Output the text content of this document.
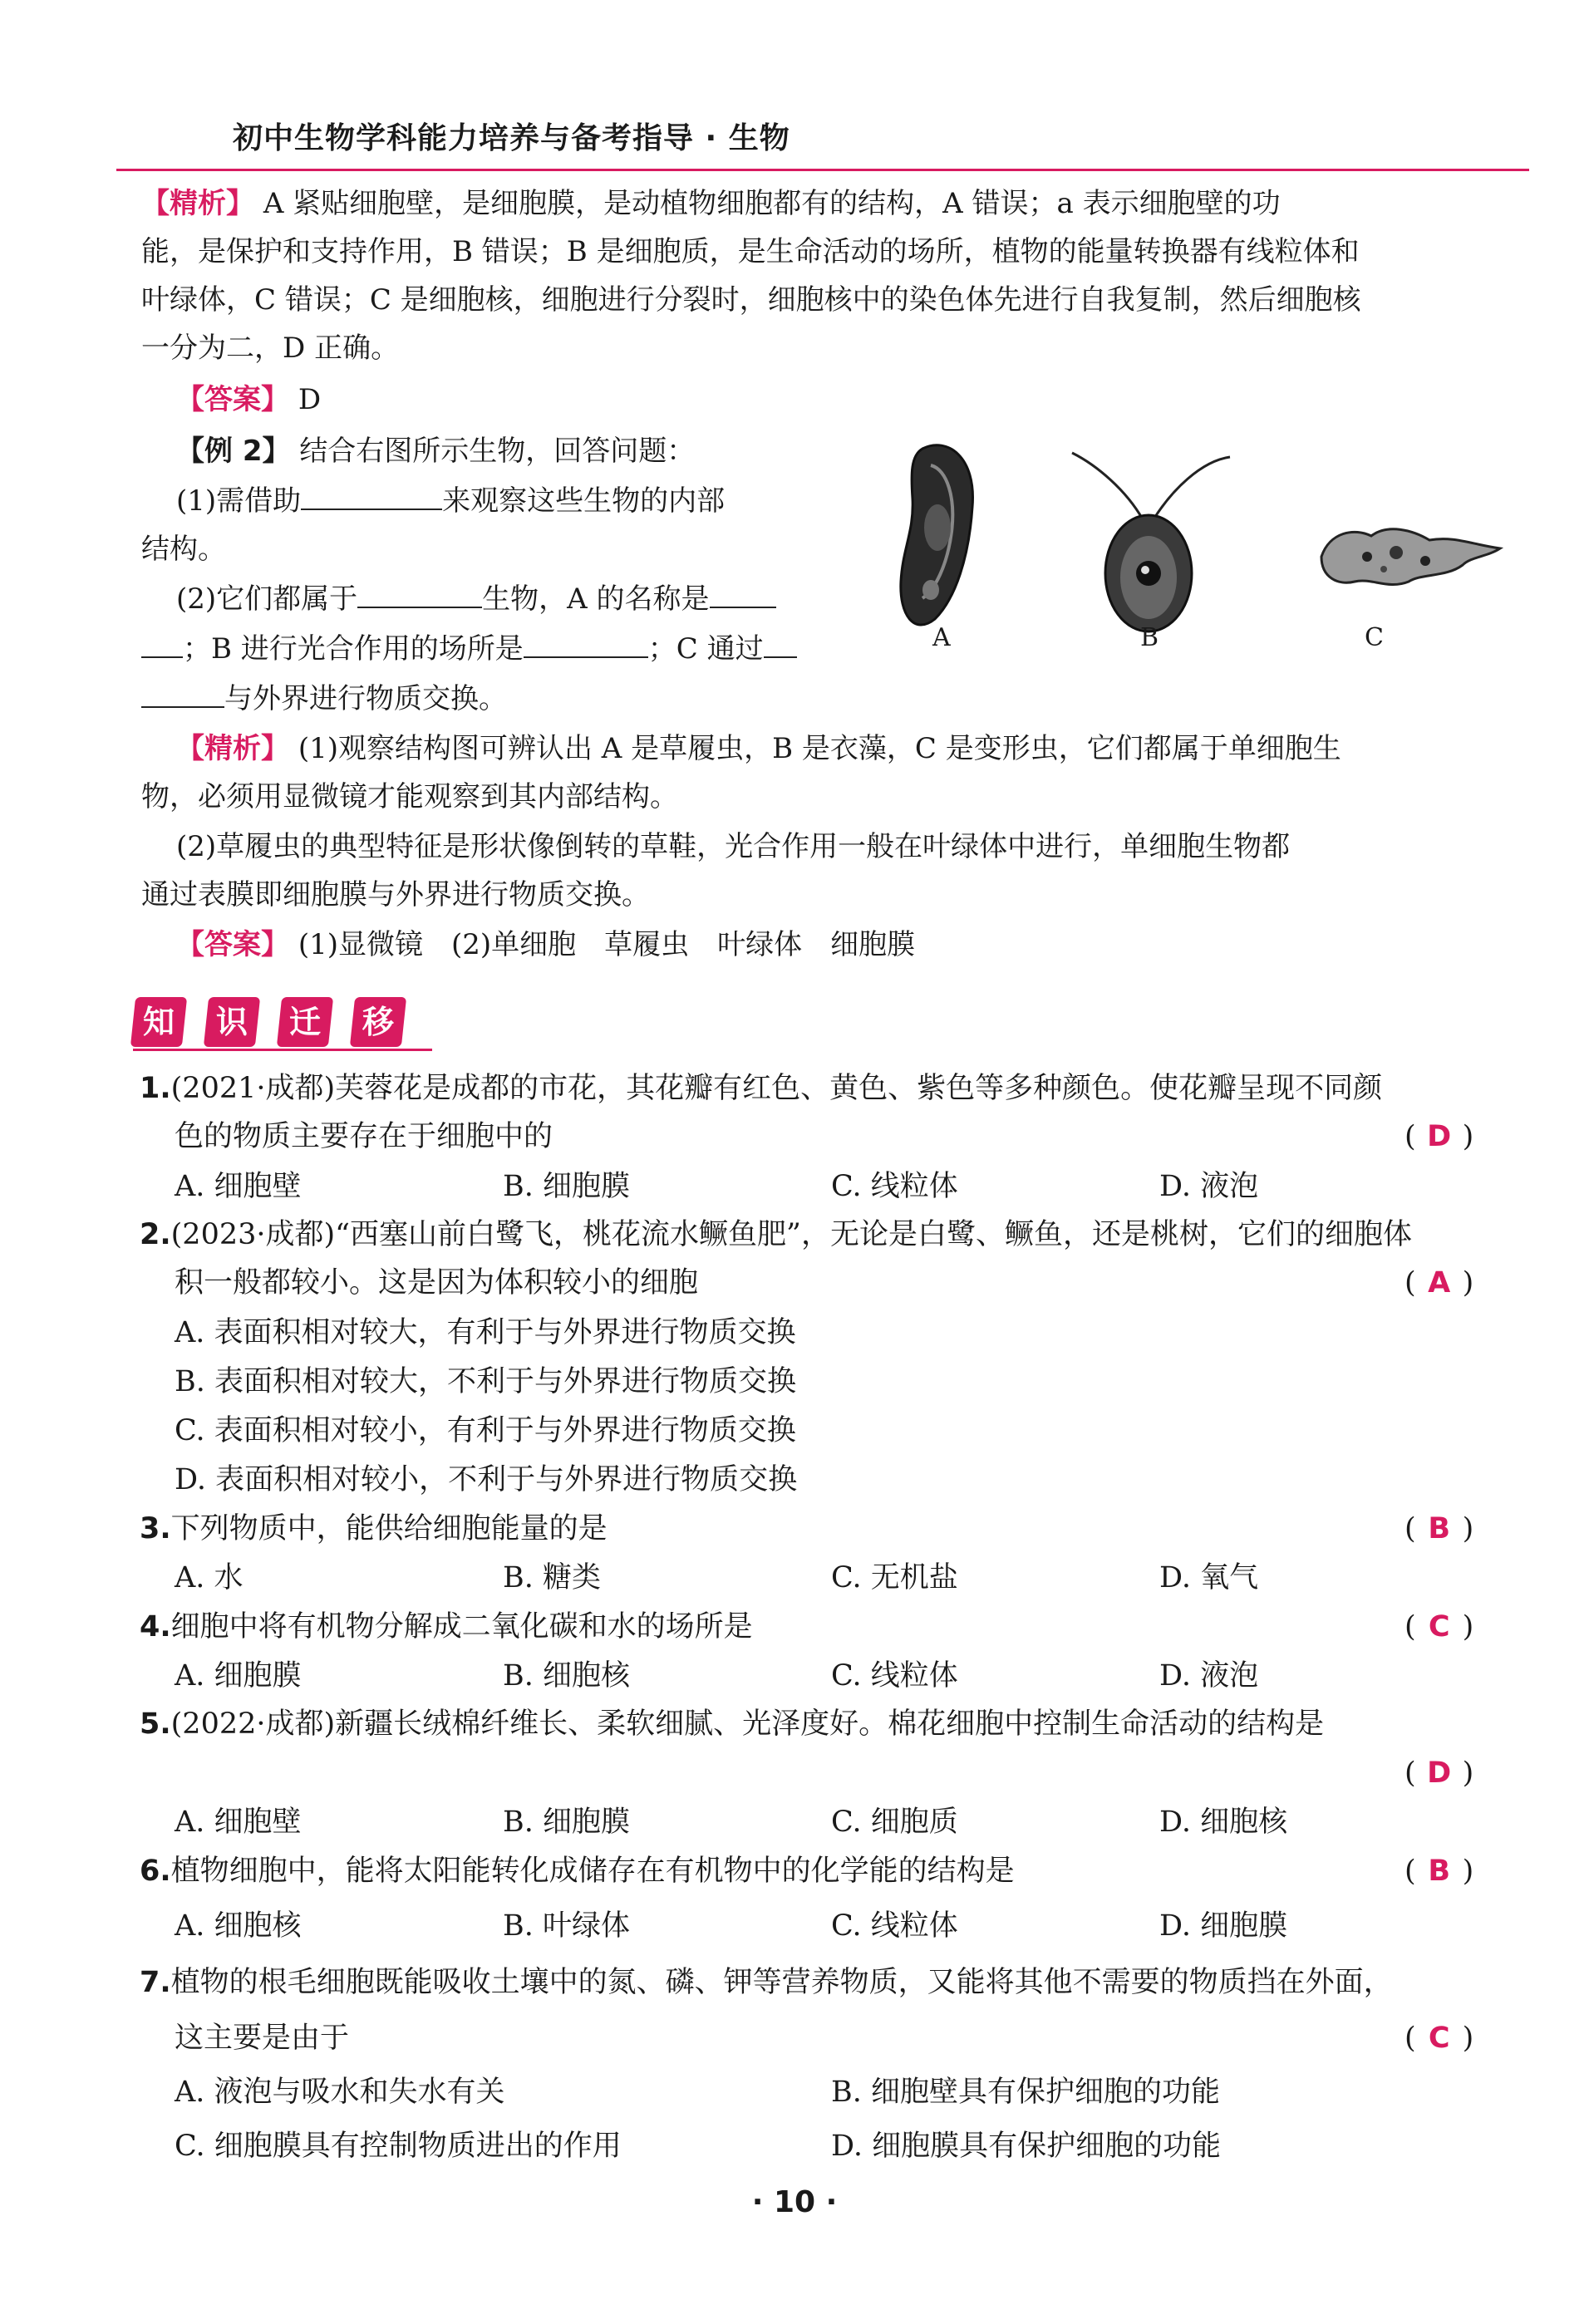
初中生物学科能力培养与备考指导 · 生物
【精析】 A 紧贴细胞壁，是细胞膜，是动植物细胞都有的结构，A 错误；a 表示细胞壁的功
能，是保护和支持作用，B 错误；B 是细胞质，是生命活动的场所，植物的能量转换器有线粒体和
叶绿体，C 错误；C 是细胞核，细胞进行分裂时，细胞核中的染色体先进行自我复制，然后细胞核
一分为二，D 正确。
【答案】 D
【例 2】 结合右图所示生物，回答问题：
(1)需借助	来观察这些生物的内部
结构。
(2)它们都属于	生物，A 的名称是
；B 进行光合作用的场所是	；C 通过
与外界进行物质交换。
A	B	C
【精析】 (1)观察结构图可辨认出 A 是草履虫，B 是衣藻，C 是变形虫，它们都属于单细胞生
物，必须用显微镜才能观察到其内部结构。
(2)草履虫的典型特征是形状像倒转的草鞋，光合作用一般在叶绿体中进行，单细胞生物都
通过表膜即细胞膜与外界进行物质交换。
【答案】 (1)显微镜　(2)单细胞　草履虫　叶绿体　细胞膜
知	识	迁	移
1.(2021·成都)芙蓉花是成都的市花，其花瓣有红色、黄色、紫色等多种颜色。使花瓣呈现不同颜
色的物质主要存在于细胞中的	( D )
A. 细胞壁	B. 细胞膜	C. 线粒体	D. 液泡
2.(2023·成都)“西塞山前白鹭飞，桃花流水鳜鱼肥”，无论是白鹭、鳜鱼，还是桃树，它们的细胞体
积一般都较小。这是因为体积较小的细胞	( A )
A. 表面积相对较大，有利于与外界进行物质交换
B. 表面积相对较大，不利于与外界进行物质交换
C. 表面积相对较小，有利于与外界进行物质交换
D. 表面积相对较小，不利于与外界进行物质交换
3.下列物质中，能供给细胞能量的是	( B )
A. 水	B. 糖类	C. 无机盐	D. 氧气
4.细胞中将有机物分解成二氧化碳和水的场所是	( C )
A. 细胞膜	B. 细胞核	C. 线粒体	D. 液泡
5.(2022·成都)新疆长绒棉纤维长、柔软细腻、光泽度好。棉花细胞中控制生命活动的结构是
( D )
A. 细胞壁	B. 细胞膜	C. 细胞质	D. 细胞核
6.植物细胞中，能将太阳能转化成储存在有机物中的化学能的结构是	( B )
A. 细胞核	B. 叶绿体	C. 线粒体	D. 细胞膜
7.植物的根毛细胞既能吸收土壤中的氮、磷、钾等营养物质，又能将其他不需要的物质挡在外面，
这主要是由于	( C )
A. 液泡与吸水和失水有关	B. 细胞壁具有保护细胞的功能
C. 细胞膜具有控制物质进出的作用	D. 细胞膜具有保护细胞的功能
· 10 ·
